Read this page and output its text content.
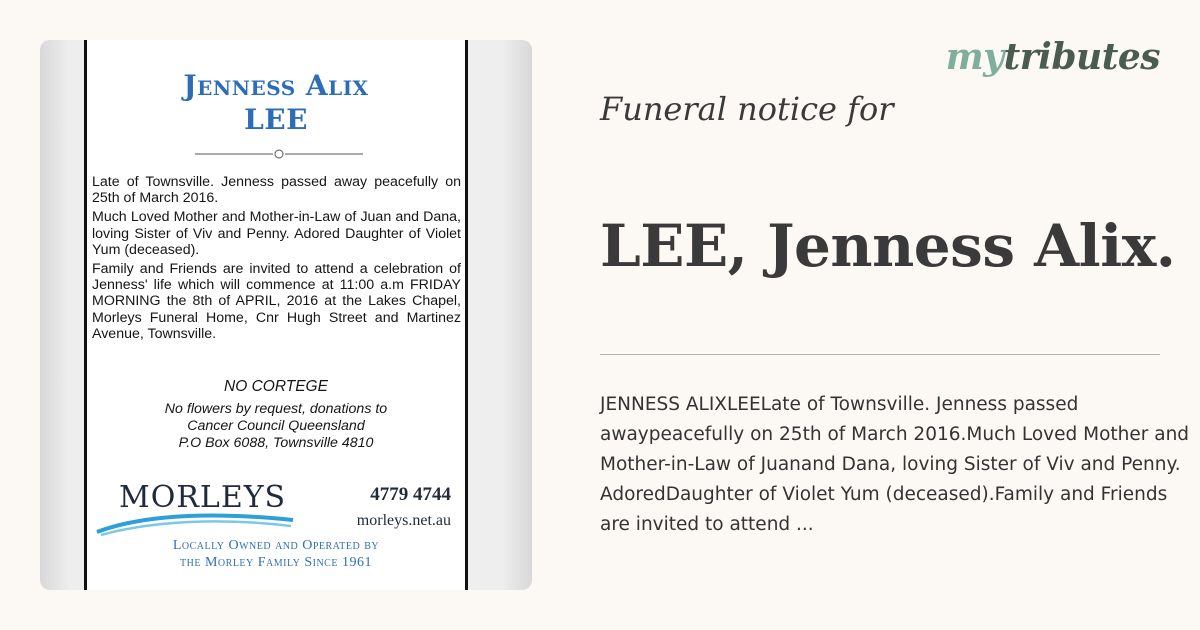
Jenness Alix
LEE

Late of Townsville. Jenness passed away peacefully on 25th of March 2016.

Much Loved Mother and Mother-in-Law of Juan and Dana, loving Sister of Viv and Penny. Adored Daughter of Violet Yum (deceased).

Family and Friends are invited to attend a celebration of Jenness' life which will commence at 11:00 a.m FRIDAY MORNING the 8th of APRIL, 2016 at the Lakes Chapel, Morleys Funeral Home, Cnr Hugh Street and Martinez Avenue, Townsville.

NO CORTEGE
No flowers by request, donations to
Cancer Council Queensland
P.O Box 6088, Townsville 4810
MORLEYS	4779 4744
morleys.net.au
Locally Owned and Operated by
the Morley Family Since 1961
mytributes
Funeral notice for
LEE, Jenness Alix.

JENNESS ALIXLEELate of Townsville. Jenness passed awaypeacefully on 25th of March 2016.Much Loved Mother and Mother-in-Law of Juanand Dana, loving Sister of Viv and Penny. AdoredDaughter of Violet Yum (deceased).Family and Friends are invited to attend ...
